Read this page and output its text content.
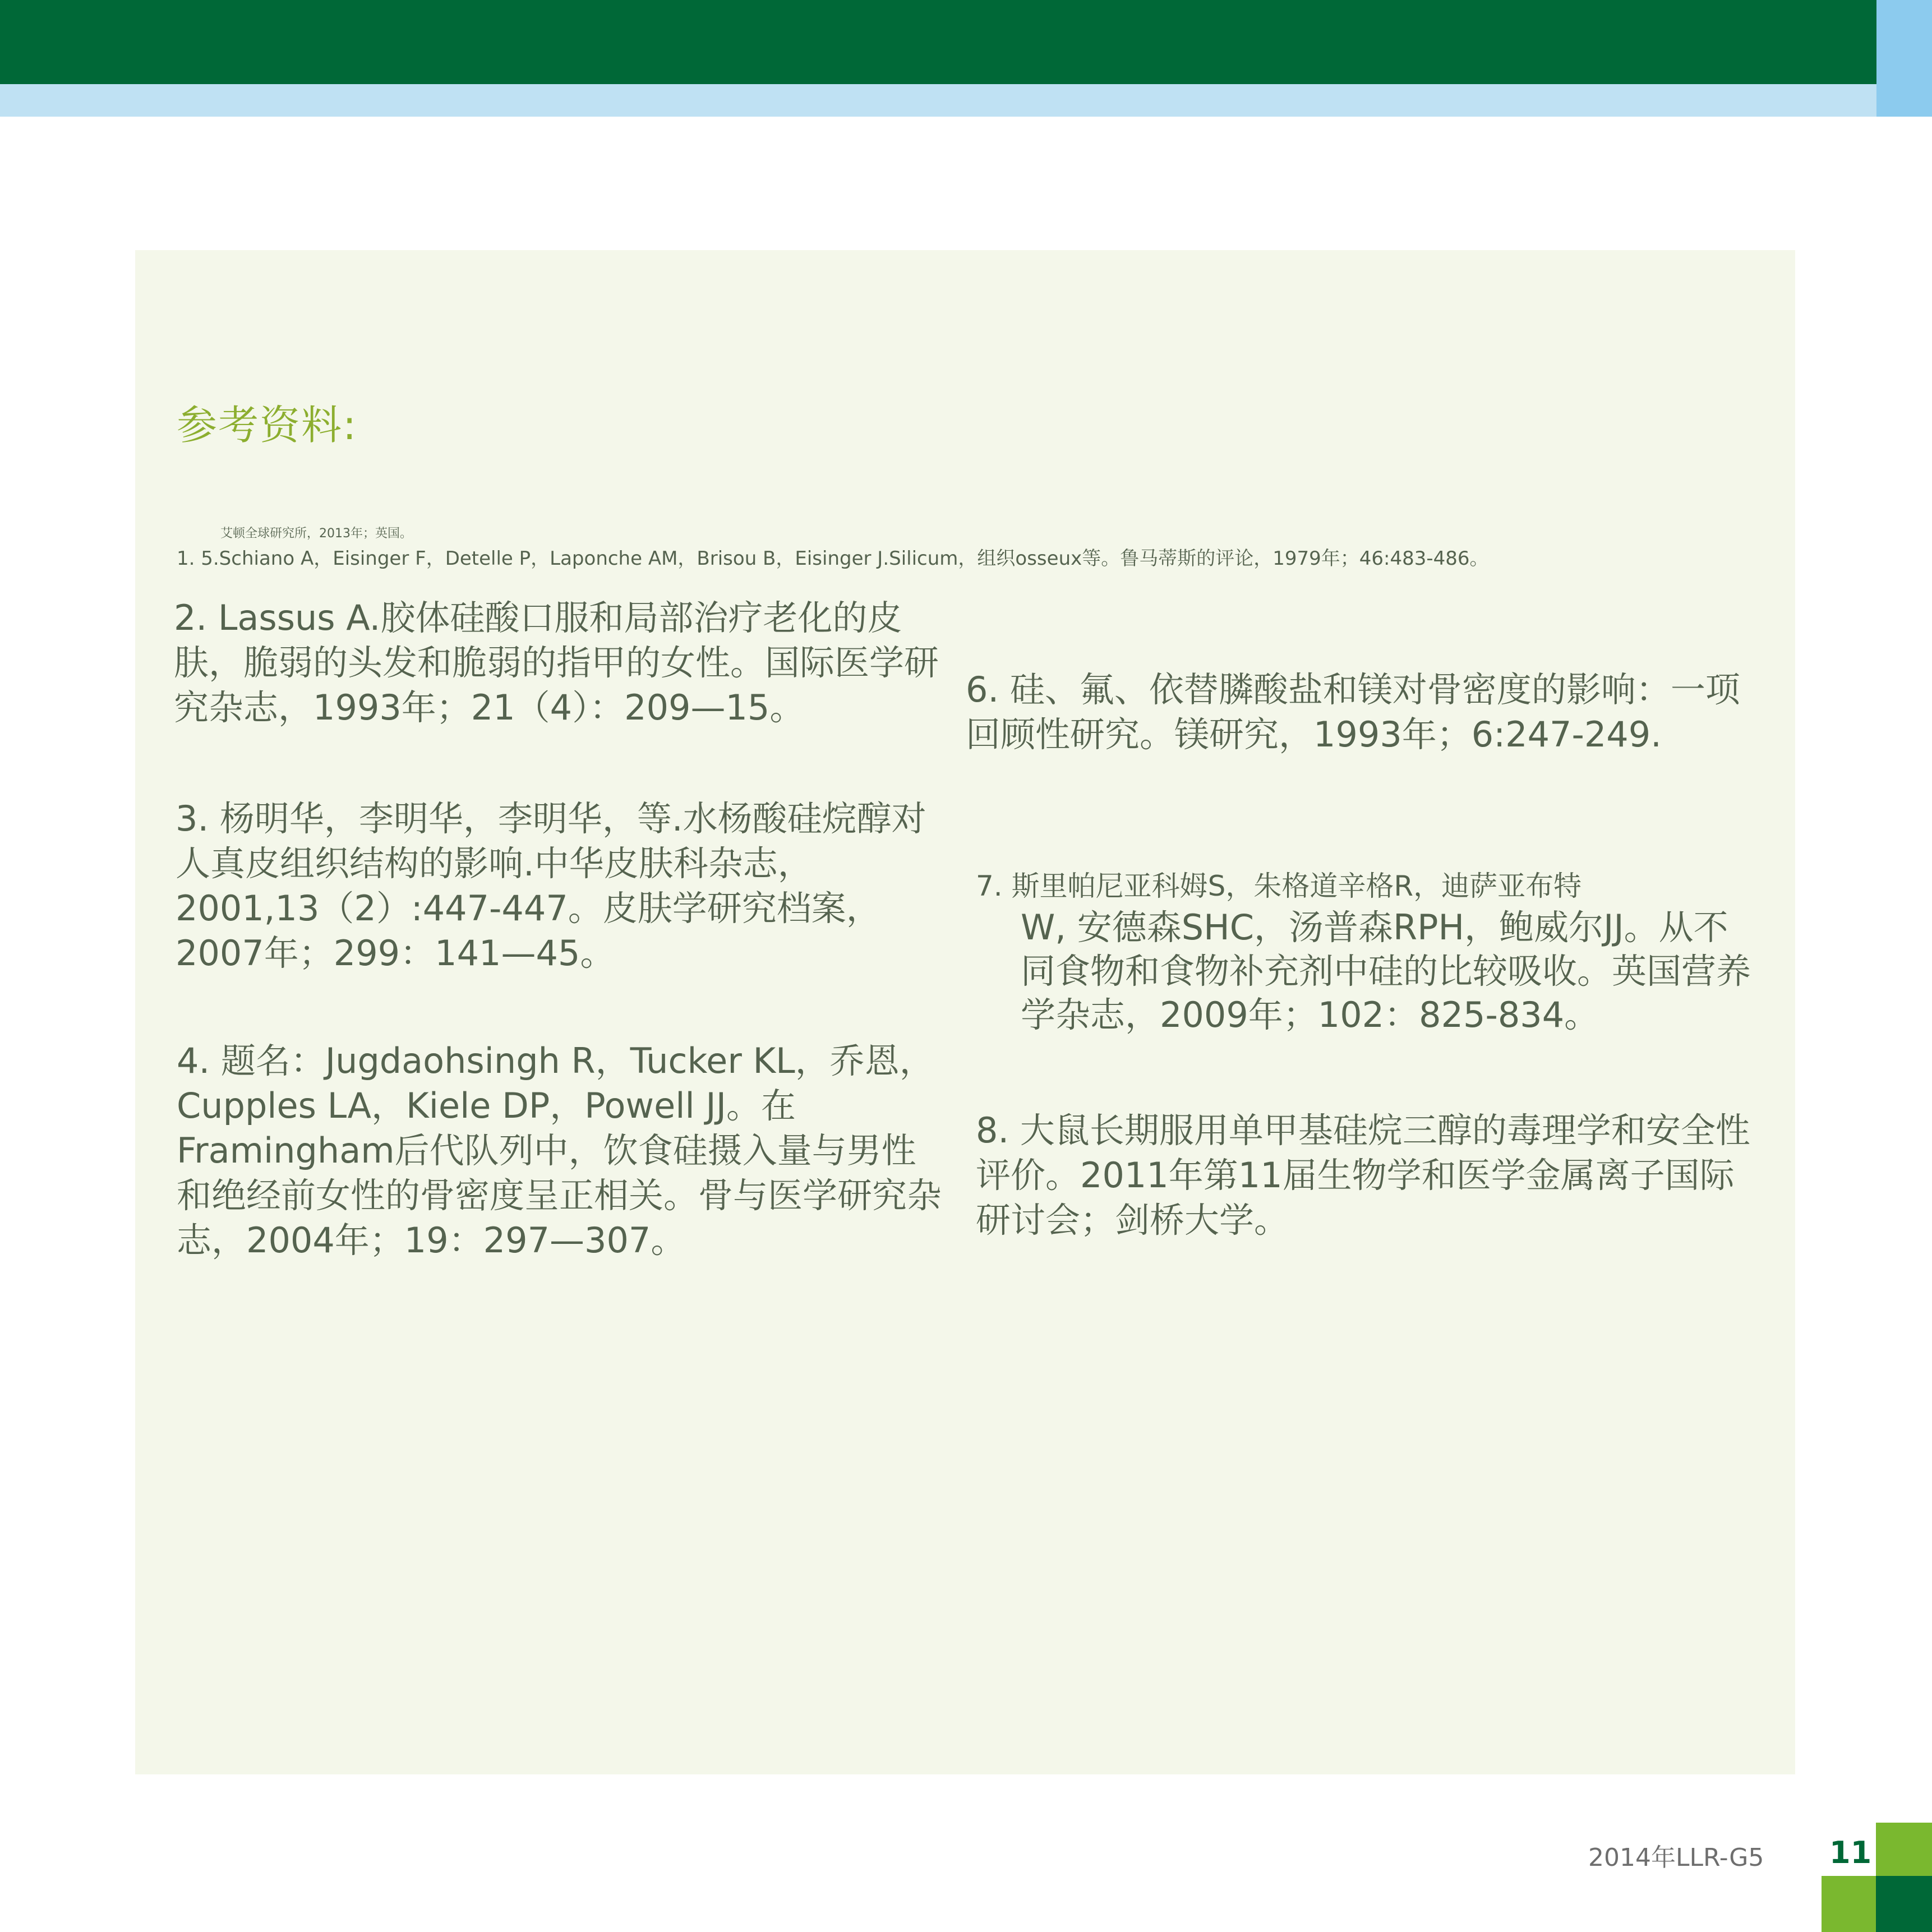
参考资料:
艾顿全球研究所，2013年；英国。
1. 5.Schiano A，Eisinger F，Detelle P，Laponche AM，Brisou B，Eisinger J.Silicum，组织osseux等。鲁马蒂斯的评论，1979年；46:483-486。
2. Lassus A.胶体硅酸口服和局部治疗老化的皮肤，脆弱的头发和脆弱的指甲的女性。国际医学研究杂志，1993年；21（4）：209—15。
3. 杨明华，李明华，李明华，等.水杨酸硅烷醇对人真皮组织结构的影响.中华皮肤科杂志，2001,13（2）:447-447。皮肤学研究档案，2007年；299：141—45。
4. 题名：Jugdaohsingh R，Tucker KL，乔恩，Cupples LA，Kiele DP，Powell JJ。在Framingham后代队列中，饮食硅摄入量与男性和绝经前女性的骨密度呈正相关。骨与医学研究杂志，2004年；19：297—307。
6. 硅、氟、依替膦酸盐和镁对骨密度的影响：一项回顾性研究。镁研究，1993年；6:247-249.
7. 斯里帕尼亚科姆S，朱格道辛格R，迪萨亚布特
W, 安德森SHC，汤普森RPH，鲍威尔JJ。从不同食物和食物补充剂中硅的比较吸收。英国营养学杂志，2009年；102：825-834。
8. 大鼠长期服用单甲基硅烷三醇的毒理学和安全性评价。2011年第11届生物学和医学金属离子国际研讨会；剑桥大学。
2014年LLR-G5 11
